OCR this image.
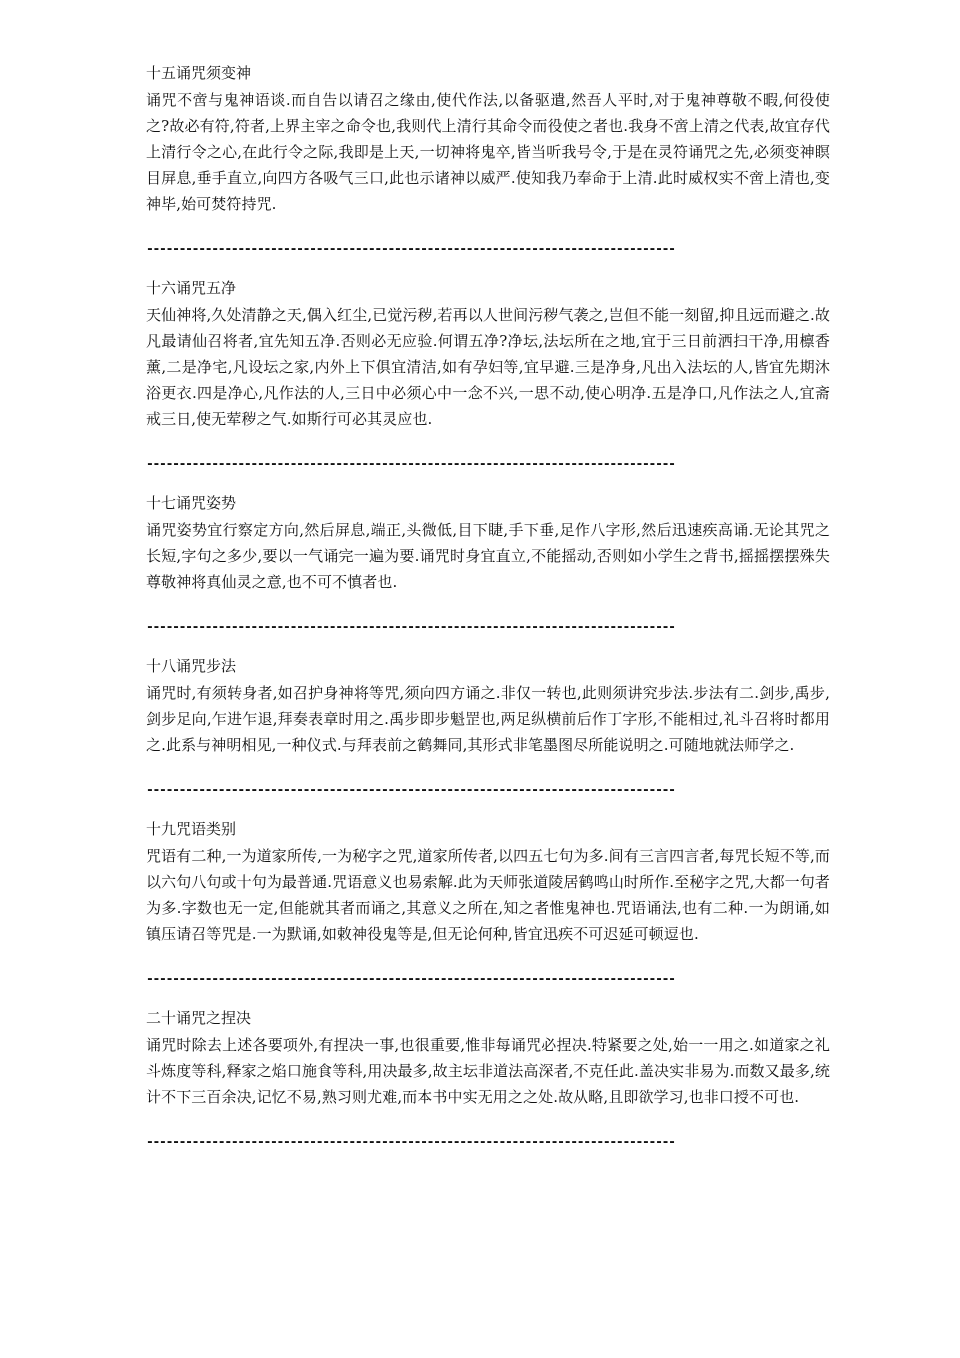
十五诵咒须变神

诵咒不啻与鬼神语谈.而自告以请召之缘由,使代作法,以备驱遣,然吾人平时,对于鬼神尊敬不暇,何役使之?故必有符,符者,上界主宰之命令也,我则代上清行其命令而役使之者也.我身不啻上清之代表,故宜存代上清行令之心,在此行令之际,我即是上天,一切神将鬼卒,皆当听我号令,于是在灵符诵咒之先,必须变神瞑目屏息,垂手直立,向四方各吸气三口,此也示诸神以威严.使知我乃奉命于上清.此时威权实不啻上清也,变神毕,始可焚符持咒.

---------------------------------------------------------------------------------

十六诵咒五净

天仙神将,久处清静之天,偶入红尘,已觉污秽,若再以人世间污秽气袭之,岂但不能一刻留,抑且远而避之.故凡最请仙召将者,宜先知五净.否则必无应验.何谓五净?净坛,法坛所在之地,宜于三日前洒扫干净,用檩香薰,二是净宅,凡设坛之家,内外上下俱宜清洁,如有孕妇等,宜早避.三是净身,凡出入法坛的人,皆宜先期沐浴更衣.四是净心,凡作法的人,三日中必须心中一念不兴,一思不动,使心明净.五是净口,凡作法之人,宜斋戒三日,使无荤秽之气.如斯行可必其灵应也.

---------------------------------------------------------------------------------

十七诵咒姿势

诵咒姿势宜行察定方向,然后屏息,端正,头微低,目下睫,手下垂,足作八字形,然后迅速疾高诵.无论其咒之长短,字句之多少,要以一气诵完一遍为要.诵咒时身宜直立,不能摇动,否则如小学生之背书,摇摇摆摆殊失尊敬神将真仙灵之意,也不可不慎者也.

---------------------------------------------------------------------------------

十八诵咒步法

诵咒时,有须转身者,如召护身神将等咒,须向四方诵之.非仅一转也,此则须讲究步法.步法有二.剑步,禹步,剑步足向,乍进乍退,拜奏表章时用之.禹步即步魁罡也,两足纵横前后作丁字形,不能相过,礼斗召将时都用之.此系与神明相见,一种仪式.与拜表前之鹤舞同,其形式非笔墨图尽所能说明之.可随地就法师学之.

---------------------------------------------------------------------------------

十九咒语类别

咒语有二种,一为道家所传,一为秘字之咒,道家所传者,以四五七句为多.间有三言四言者,每咒长短不等,而以六句八句或十句为最普通.咒语意义也易索解.此为天师张道陵居鹤鸣山时所作.至秘字之咒,大都一句者为多.字数也无一定,但能就其者而诵之,其意义之所在,知之者惟鬼神也.咒语诵法,也有二种.一为朗诵,如镇压请召等咒是.一为默诵,如敕神役鬼等是,但无论何种,皆宜迅疾不可迟延可顿逗也.

---------------------------------------------------------------------------------

二十诵咒之捏决

诵咒时除去上述各要项外,有捏决一事,也很重要,惟非每诵咒必捏决.特紧要之处,始一一用之.如道家之礼斗炼度等科,释家之焰口施食等科,用决最多,故主坛非道法高深者,不克任此.盖决实非易为.而数又最多,统计不下三百余决,记忆不易,熟习则尤难,而本书中实无用之之处.故从略,且即欲学习,也非口授不可也.

---------------------------------------------------------------------------------
